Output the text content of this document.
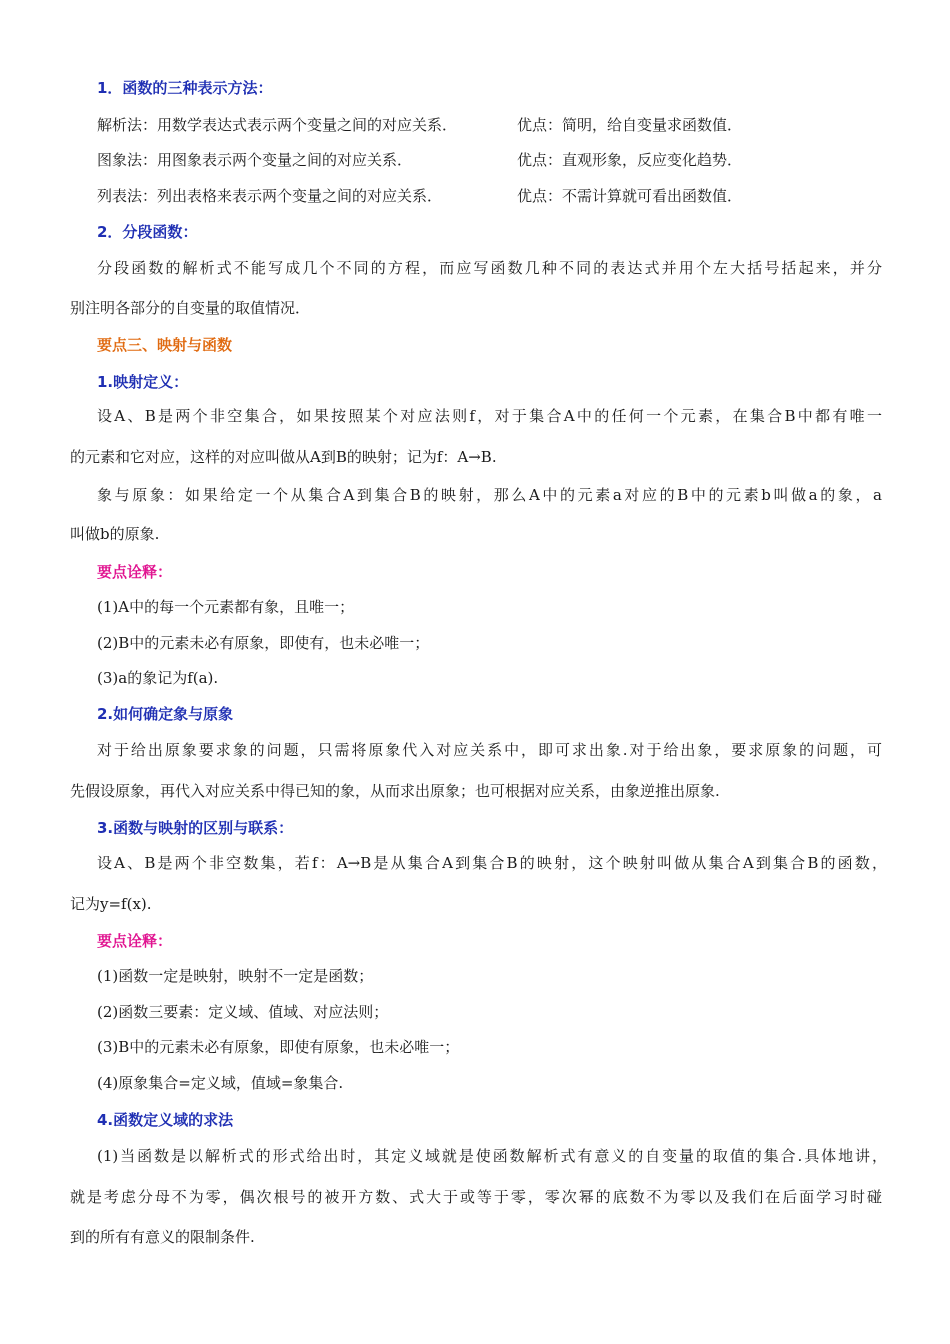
1．函数的三种表示方法：
解析法：用数学表达式表示两个变量之间的对应关系．	优点：简明，给自变量求函数值．
图象法：用图象表示两个变量之间的对应关系．	优点：直观形象，反应变化趋势．
列表法：列出表格来表示两个变量之间的对应关系．	优点：不需计算就可看出函数值．
2．分段函数：
分段函数的解析式不能写成几个不同的方程，而应写函数几种不同的表达式并用个左大括号括起来，并分
别注明各部分的自变量的取值情况．
要点三、映射与函数
1.映射定义：
设A、B是两个非空集合，如果按照某个对应法则f，对于集合A中的任何一个元素，在集合B中都有唯一
的元素和它对应，这样的对应叫做从A到B的映射；记为f：A→B.
象与原象：如果给定一个从集合A到集合B的映射，那么A中的元素a对应的B中的元素b叫做a的象，a
叫做b的原象.
要点诠释：
(1)A中的每一个元素都有象，且唯一；
(2)B中的元素未必有原象，即使有，也未必唯一；
(3)a的象记为f(a).
2.如何确定象与原象
对于给出原象要求象的问题，只需将原象代入对应关系中，即可求出象.对于给出象，要求原象的问题，可
先假设原象，再代入对应关系中得已知的象，从而求出原象；也可根据对应关系，由象逆推出原象.
3.函数与映射的区别与联系：
设A、B是两个非空数集，若f：A→B是从集合A到集合B的映射，这个映射叫做从集合A到集合B的函数，
记为y=f(x).
要点诠释：
(1)函数一定是映射，映射不一定是函数；
(2)函数三要素：定义域、值域、对应法则；
(3)B中的元素未必有原象，即使有原象，也未必唯一；
(4)原象集合=定义域，值域=象集合.
4.函数定义域的求法
(1)当函数是以解析式的形式给出时，其定义域就是使函数解析式有意义的自变量的取值的集合.具体地讲，
就是考虑分母不为零，偶次根号的被开方数、式大于或等于零，零次幂的底数不为零以及我们在后面学习时碰
到的所有有意义的限制条件.
